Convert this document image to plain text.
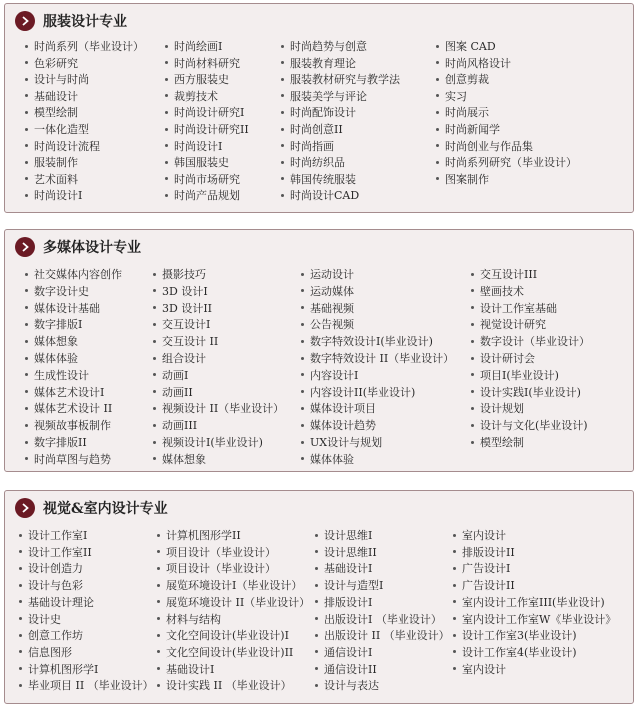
服装设计专业
时尚系列（毕业设计）
色彩研究
设计与时尚
基础设计
模型绘制
一体化造型
时尚设计流程
服装制作
艺术面料
时尚设计I
时尚绘画I
时尚材料研究
西方服装史
裁剪技术
时尚设计研究I
时尚设计研究II
时尚设计I
韩国服装史
时尚市场研究
时尚产品规划
时尚趋势与创意
服装教育理论
服装教材研究与教学法
服装美学与评论
时尚配饰设计
时尚创意II
时尚指画
时尚纺织品
韩国传统服装
时尚设计CAD
图案 CAD
时尚风格设计
创意剪裁
实习
时尚展示
时尚新闻学
时尚创业与作品集
时尚系列研究（毕业设计）
图案制作
多媒体设计专业
社交媒体内容创作
数字设计史
媒体设计基础
数字排版I
媒体想象
媒体体验
生成性设计
媒体艺术设计I
媒体艺术设计 II
视频故事板制作
数字排版II
时尚草图与趋势
摄影技巧
3D 设计I
3D 设计II
交互设计I
交互设计 II
组合设计
动画I
动画II
视频设计 II（毕业设计）
动画III
视频设计I(毕业设计)
媒体想象
运动设计
运动媒体
基础视频
公告视频
数字特效设计I(毕业设计)
数字特效设计 II（毕业设计）
内容设计I
内容设计II(毕业设计)
媒体设计项目
媒体设计趋势
UX设计与规划
媒体体验
交互设计III
壁画技术
设计工作室基础
视觉设计研究
数字设计（毕业设计）
设计研讨会
项目I(毕业设计)
设计实践I(毕业设计)
设计规划
设计与文化(毕业设计)
模型绘制
视觉&室内设计专业
设计工作室I
设计工作室II
设计创造力
设计与色彩
基础设计理论
设计史
创意工作坊
信息图形
计算机图形学I
毕业项目 II （毕业设计）
计算机图形学II
项目设计（毕业设计）
项目设计（毕业设计）
展览环境设计I（毕业设计）
展览环境设计 II（毕业设计）
材料与结构
文化空间设计(毕业设计)I
文化空间设计(毕业设计)II
基础设计I
设计实践 II （毕业设计）
设计思维I
设计思维II
基础设计I
设计与造型I
排版设计I
出版设计I （毕业设计）
出版设计 II （毕业设计）
通信设计I
通信设计II
设计与表达
室内设计
排版设计II
广告设计I
广告设计II
室内设计工作室III(毕业设计)
室内设计工作室W《毕业设计》
设计工作室3(毕业设计)
设计工作室4(毕业设计)
室内设计
